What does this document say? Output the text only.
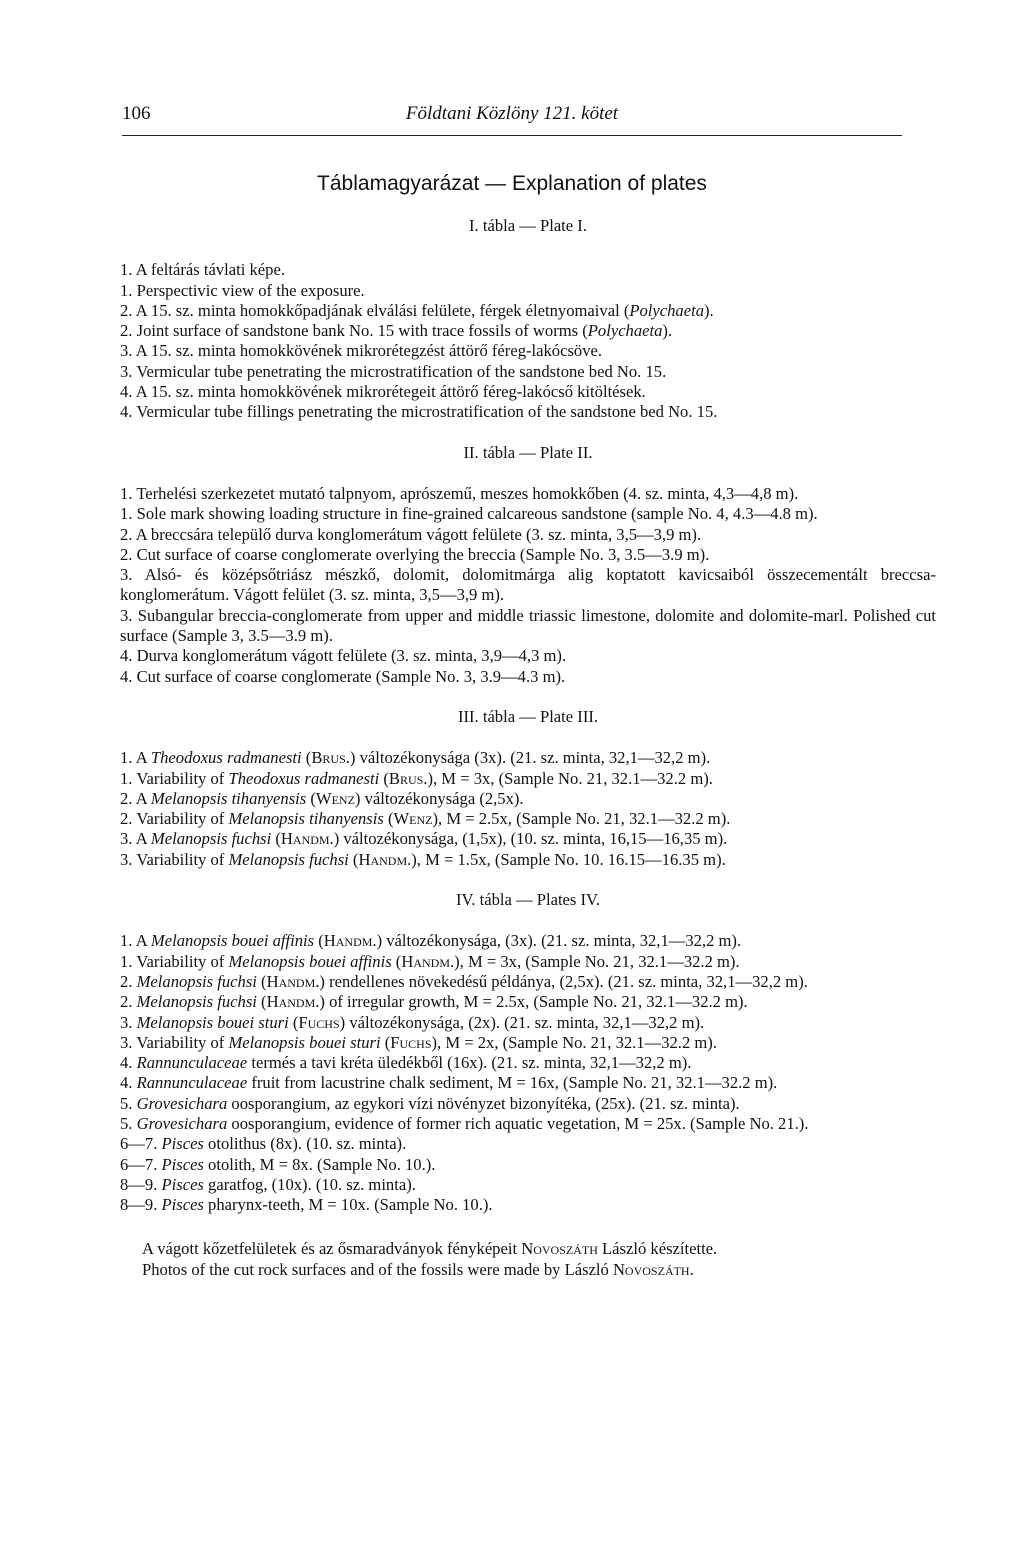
106	Földtani Közlöny 121. kötet
Táblamagyarázat — Explanation of plates
I. tábla — Plate I.

1. A feltárás távlati képe.

1. Perspectivic view of the exposure.

2. A 15. sz. minta homokkőpadjának elválási felülete, férgek életnyomaival (Polychaeta).

2. Joint surface of sandstone bank No. 15 with trace fossils of worms (Polychaeta).

3. A 15. sz. minta homokkövének mikrorétegzést áttörő féreg-lakócsöve.

3. Vermicular tube penetrating the microstratification of the sandstone bed No. 15.

4. A 15. sz. minta homokkövének mikrorétegeit áttörő féreg-lakócső kitöltések.

4. Vermicular tube fillings penetrating the microstratification of the sandstone bed No. 15.

II. tábla — Plate II.

1. Terhelési szerkezetet mutató talpnyom, aprószemű, meszes homokkőben (4. sz. minta, 4,3—4,8 m).

1. Sole mark showing loading structure in fine-grained calcareous sandstone (sample No. 4, 4.3—4.8 m).

2. A breccsára települő durva konglomerátum vágott felülete (3. sz. minta, 3,5—3,9 m).

2. Cut surface of coarse conglomerate overlying the breccia (Sample No. 3, 3.5—3.9 m).

3. Alsó- és középsőtriász mészkő, dolomit, dolomitmárga alig koptatott kavicsaiból összecementált breccsa-konglomerátum. Vágott felület (3. sz. minta, 3,5—3,9 m).

3. Subangular breccia-conglomerate from upper and middle triassic limestone, dolomite and dolomite-marl. Polished cut surface (Sample 3, 3.5—3.9 m).

4. Durva konglomerátum vágott felülete (3. sz. minta, 3,9—4,3 m).

4. Cut surface of coarse conglomerate (Sample No. 3, 3.9—4.3 m).

III. tábla — Plate III.

1. A Theodoxus radmanesti (Brus.) változékonysága (3x). (21. sz. minta, 32,1—32,2 m).

1. Variability of Theodoxus radmanesti (Brus.), M = 3x, (Sample No. 21, 32.1—32.2 m).

2. A Melanopsis tihanyensis (Wenz) változékonysága (2,5x).

2. Variability of Melanopsis tihanyensis (Wenz), M = 2.5x, (Sample No. 21, 32.1—32.2 m).

3. A Melanopsis fuchsi (Handm.) változékonysága, (1,5x), (10. sz. minta, 16,15—16,35 m).

3. Variability of Melanopsis fuchsi (Handm.), M = 1.5x, (Sample No. 10. 16.15—16.35 m).

IV. tábla — Plates IV.

1. A Melanopsis bouei affinis (Handm.) változékonysága, (3x). (21. sz. minta, 32,1—32,2 m).

1. Variability of Melanopsis bouei affinis (Handm.), M = 3x, (Sample No. 21, 32.1—32.2 m).

2. Melanopsis fuchsi (Handm.) rendellenes növekedésű példánya, (2,5x). (21. sz. minta, 32,1—32,2 m).

2. Melanopsis fuchsi (Handm.) of irregular growth, M = 2.5x, (Sample No. 21, 32.1—32.2 m).

3. Melanopsis bouei sturi (Fuchs) változékonysága, (2x). (21. sz. minta, 32,1—32,2 m).

3. Variability of Melanopsis bouei sturi (Fuchs), M = 2x, (Sample No. 21, 32.1—32.2 m).

4. Rannunculaceae termés a tavi kréta üledékből (16x). (21. sz. minta, 32,1—32,2 m).

4. Rannunculaceae fruit from lacustrine chalk sediment, M = 16x, (Sample No. 21, 32.1—32.2 m).

5. Grovesichara oosporangium, az egykori vízi növényzet bizonyítéka, (25x). (21. sz. minta).

5. Grovesichara oosporangium, evidence of former rich aquatic vegetation, M = 25x. (Sample No. 21.).

6—7. Pisces otolithus (8x). (10. sz. minta).

6—7. Pisces otolith, M = 8x. (Sample No. 10.).

8—9. Pisces garatfog, (10x). (10. sz. minta).

8—9. Pisces pharynx-teeth, M = 10x. (Sample No. 10.).

A vágott kőzetfelületek és az ősmaradványok fényképeit Novoszáth László készítette.

Photos of the cut rock surfaces and of the fossils were made by László Novoszáth.
